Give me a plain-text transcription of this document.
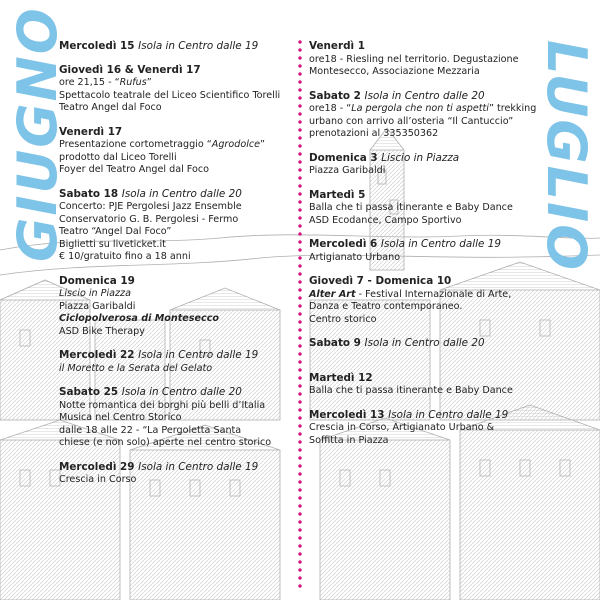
GIUGNO	LUGLIO
Mercoledì 15 Isola in Centro dalle 19
Giovedì 16 & Venerdì 17
ore 21,15 - “Rufus”
Spettacolo teatrale del Liceo Scientifico Torelli
Teatro Angel dal Foco
Venerdì 17
Presentazione cortometraggio “Agrodolce”
prodotto dal Liceo Torelli
Foyer del Teatro Angel dal Foco
Sabato 18 Isola in Centro dalle 20
Concerto: PJE Pergolesi Jazz Ensemble
Conservatorio G. B. Pergolesi - Fermo
Teatro “Angel Dal Foco”
Biglietti su liveticket.it
€ 10/gratuito fino a 18 anni
Domenica 19
Liscio in Piazza
Piazza Garibaldi
Ciclopolverosa di Montesecco
ASD Bike Therapy
Mercoledì 22 Isola in Centro dalle 19
il Moretto e la Serata del Gelato
Sabato 25 Isola in Centro dalle 20
Notte romantica dei borghi più belli d’Italia
Musica nel Centro Storico
dalle 18 alle 22 - “La Pergoletta Santa
chiese (e non solo) aperte nel centro storico
Mercoledì 29 Isola in Centro dalle 19
Crescia in Corso
Venerdì 1
ore18 - Riesling nel territorio. Degustazione
Montesecco, Associazione Mezzaria
Sabato 2 Isola in Centro dalle 20
ore18 - “La pergola che non ti aspetti” trekking
urbano con arrivo all’osteria “Il Cantuccio”
prenotazioni al 335350362
Domenica 3 Liscio in Piazza
Piazza Garibaldi
Martedì 5
Balla che ti passa itinerante e Baby Dance
ASD Ecodance, Campo Sportivo
Mercoledì 6 Isola in Centro dalle 19
Artigianato Urbano
Giovedì 7 - Domenica 10
Alter Art - Festival Internazionale di Arte,
Danza e Teatro contemporaneo.
Centro storico
Sabato 9 Isola in Centro dalle 20
Martedì 12
Balla che ti passa itinerante e Baby Dance
Mercoledì 13 Isola in Centro dalle 19
Crescia in Corso, Artigianato Urbano &
Soffitta in Piazza
